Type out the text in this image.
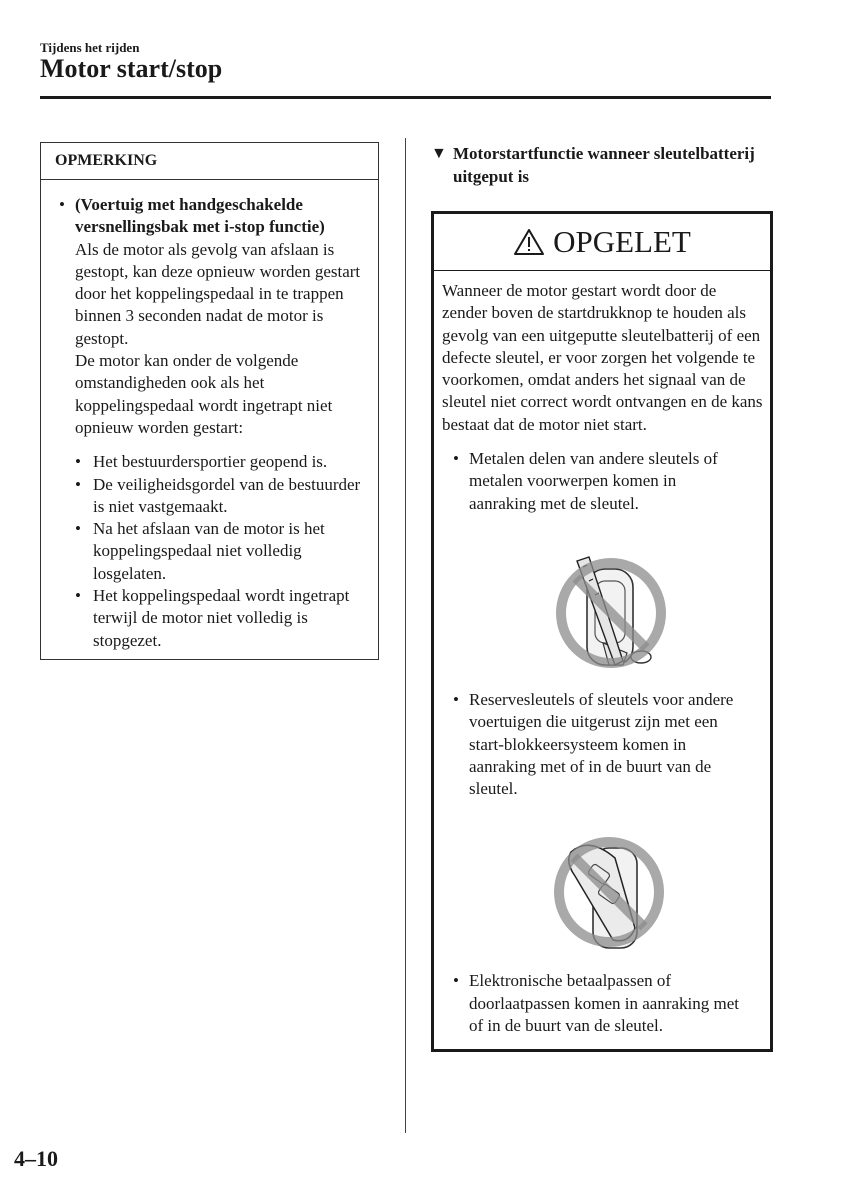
Tijdens het rijden
Motor start/stop
OPMERKING
• (Voertuig met handgeschakelde versnellingsbak met i-stop functie)
Als de motor als gevolg van afslaan is gestopt, kan deze opnieuw worden gestart door het koppelingspedaal in te trappen binnen 3 seconden nadat de motor is gestopt.
De motor kan onder de volgende omstandigheden ook als het koppelingspedaal wordt ingetrapt niet opnieuw worden gestart:
• Het bestuurdersportier geopend is.
• De veiligheidsgordel van de bestuurder is niet vastgemaakt.
• Na het afslaan van de motor is het koppelingspedaal niet volledig losgelaten.
• Het koppelingspedaal wordt ingetrapt terwijl de motor niet volledig is stopgezet.
▼ Motorstartfunctie wanneer sleutelbatterij uitgeput is
OPGELET
Wanneer de motor gestart wordt door de zender boven de startdrukknop te houden als gevolg van een uitgeputte sleutelbatterij of een defecte sleutel, er voor zorgen het volgende te voorkomen, omdat anders het signaal van de sleutel niet correct wordt ontvangen en de kans bestaat dat de motor niet start.
• Metalen delen van andere sleutels of metalen voorwerpen komen in aanraking met de sleutel.
• Reservesleutels of sleutels voor andere voertuigen die uitgerust zijn met een start-blokkeersysteem komen in aanraking met of in de buurt van de sleutel.
• Elektronische betaalpassen of doorlaatpassen komen in aanraking met of in de buurt van de sleutel.
4–10
